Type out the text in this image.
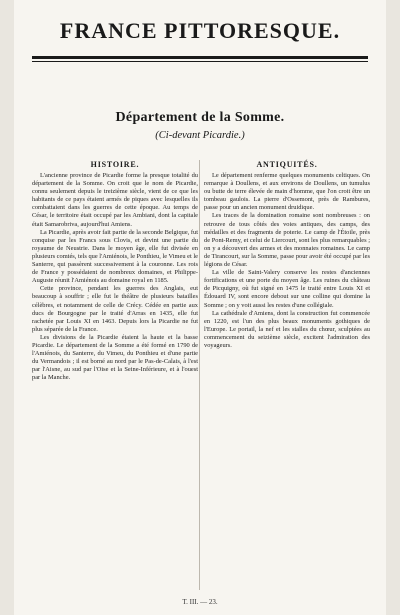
FRANCE PITTORESQUE.
Département de la Somme.
(Ci-devant Picardie.)
HISTOIRE.

L'ancienne province de Picardie forme la presque totalité du département de la Somme. On croit que le nom de Picardie, connu seulement depuis le treizième siècle, vient de ce que les habitants de ce pays étaient armés de piques avec lesquelles ils combattaient dans les guerres de cette époque. Au temps de César, le territoire était occupé par les Ambiani, dont la capitale était Samarobriva, aujourd'hui Amiens.

La Picardie, après avoir fait partie de la seconde Belgique, fut conquise par les Francs sous Clovis, et devint une partie du royaume de Neustrie. Dans le moyen âge, elle fut divisée en plusieurs comtés, tels que l'Amiénois, le Ponthieu, le Vimeu et le Santerre, qui passèrent successivement à la couronne. Les rois de France y possédaient de nombreux domaines, et Philippe-Auguste réunit l'Amiénois au domaine royal en 1185.

Cette province, pendant les guerres des Anglais, eut beaucoup à souffrir ; elle fut le théâtre de plusieurs batailles célèbres, et notamment de celle de Crécy. Cédée en partie aux ducs de Bourgogne par le traité d'Arras en 1435, elle fut rachetée par Louis XI en 1463. Depuis lors la Picardie ne fut plus séparée de la France.

Les divisions de la Picardie étaient la haute et la basse Picardie. Le département de la Somme a été formé en 1790 de l'Amiénois, du Santerre, du Vimeu, du Ponthieu et d'une partie du Vermandois ; il est borné au nord par le Pas-de-Calais, à l'est par l'Aisne, au sud par l'Oise et la Seine-Inférieure, et à l'ouest par la Manche.

ANTIQUITÉS.

Le département renferme quelques monuments celtiques. On remarque à Doullens, et aux environs de Doullens, un tumulus ou butte de terre élevée de main d'homme, que l'on croit être un tombeau gaulois. La pierre d'Ossemont, près de Rambures, passe pour un ancien monument druidique.

Les traces de la domination romaine sont nombreuses : on retrouve de tous côtés des voies antiques, des camps, des médailles et des fragments de poterie. Le camp de l'Étoile, près de Pont-Remy, et celui de Liercourt, sont les plus remarquables ; on y a découvert des armes et des monnaies romaines. Le camp de Tirancourt, sur la Somme, passe pour avoir été occupé par les légions de César.

La ville de Saint-Valery conserve les restes d'anciennes fortifications et une porte du moyen âge. Les ruines du château de Picquigny, où fut signé en 1475 le traité entre Louis XI et Édouard IV, sont encore debout sur une colline qui domine la Somme ; on y voit aussi les restes d'une collégiale.

La cathédrale d'Amiens, dont la construction fut commencée en 1220, est l'un des plus beaux monuments gothiques de l'Europe. Le portail, la nef et les stalles du chœur, sculptées au commencement du seizième siècle, excitent l'admiration des voyageurs.

T. III. — 23.
